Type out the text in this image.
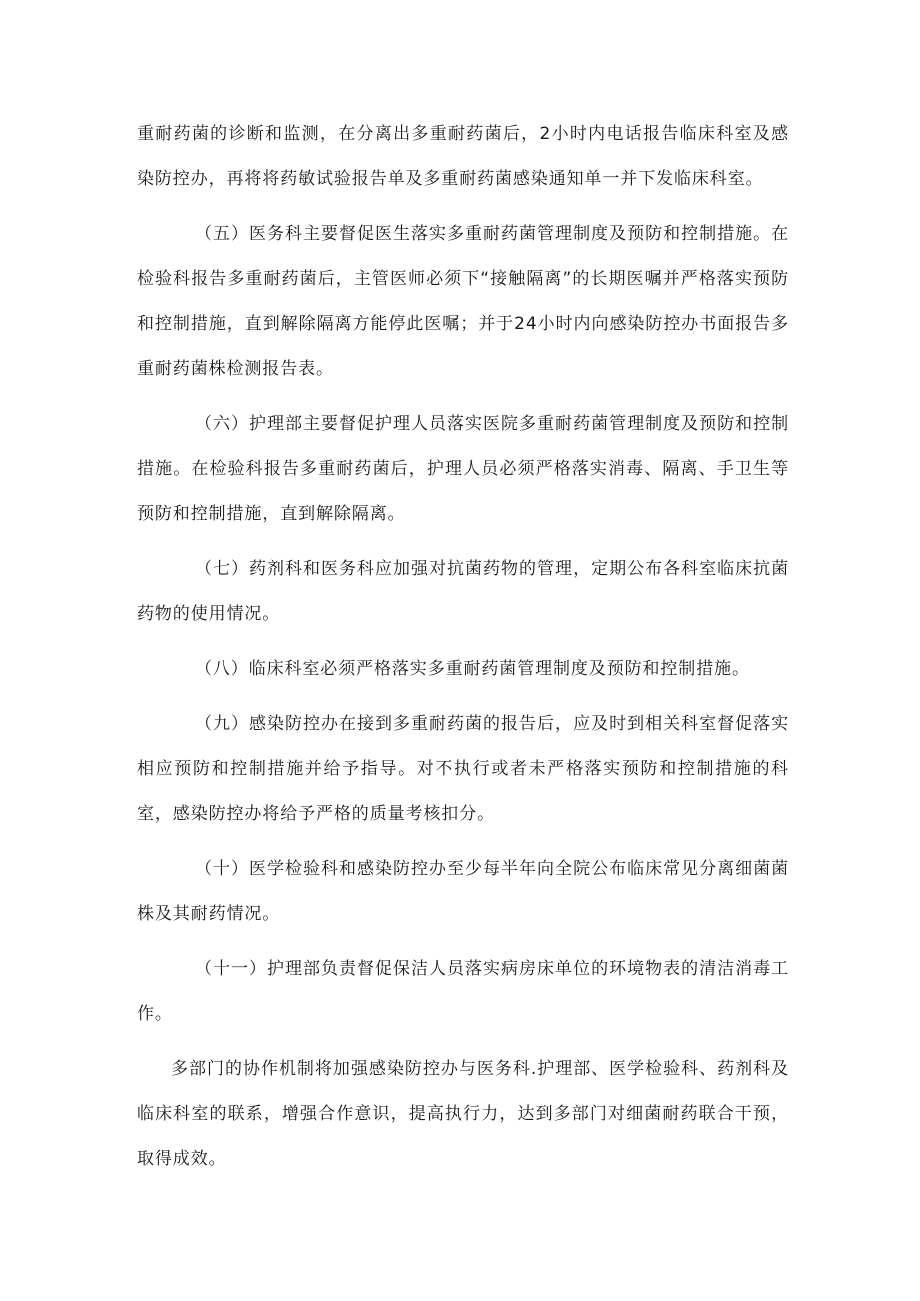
重耐药菌的诊断和监测，在分离出多重耐药菌后，2小时内电话报告临床科室及感染防控办，再将将药敏试验报告单及多重耐药菌感染通知单一并下发临床科室。

（五）医务科主要督促医生落实多重耐药菌管理制度及预防和控制措施。在检验科报告多重耐药菌后，主管医师必须下“接触隔离”的长期医嘱并严格落实预防和控制措施，直到解除隔离方能停此医嘱；并于24小时内向感染防控办书面报告多重耐药菌株检测报告表。

（六）护理部主要督促护理人员落实医院多重耐药菌管理制度及预防和控制措施。在检验科报告多重耐药菌后，护理人员必须严格落实消毒、隔离、手卫生等预防和控制措施，直到解除隔离。

（七）药剂科和医务科应加强对抗菌药物的管理，定期公布各科室临床抗菌药物的使用情况。

（八）临床科室必须严格落实多重耐药菌管理制度及预防和控制措施。

（九）感染防控办在接到多重耐药菌的报告后，应及时到相关科室督促落实相应预防和控制措施并给予指导。对不执行或者未严格落实预防和控制措施的科室，感染防控办将给予严格的质量考核扣分。

（十）医学检验科和感染防控办至少每半年向全院公布临床常见分离细菌菌株及其耐药情况。

（十一）护理部负责督促保洁人员落实病房床单位的环境物表的清洁消毒工作。

多部门的协作机制将加强感染防控办与医务科.护理部、医学检验科、药剂科及临床科室的联系，增强合作意识，提高执行力，达到多部门对细菌耐药联合干预，取得成效。
